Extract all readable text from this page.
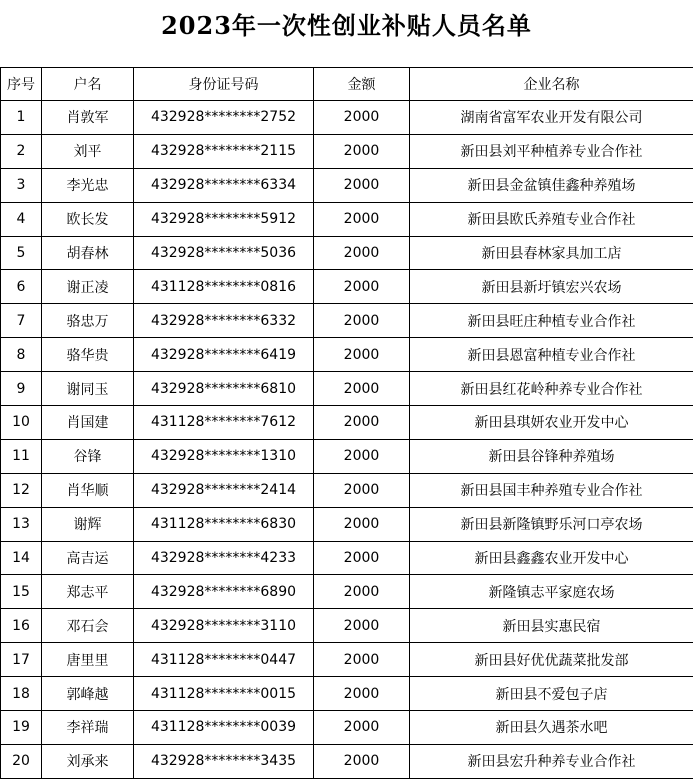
2023年一次性创业补贴人员名单
序号	户名	身份证号码	金额	企业名称
1	肖敦军	432928********2752	2000	湖南省富军农业开发有限公司
2	刘平	432928********2115	2000	新田县刘平种植养专业合作社
3	李光忠	432928********6334	2000	新田县金盆镇佳鑫种养殖场
4	欧长发	432928********5912	2000	新田县欧氏养殖专业合作社
5	胡春林	432928********5036	2000	新田县春林家具加工店
6	谢正凌	431128********0816	2000	新田县新圩镇宏兴农场
7	骆忠万	432928********6332	2000	新田县旺庄种植专业合作社
8	骆华贵	432928********6419	2000	新田县恩富种植专业合作社
9	谢同玉	432928********6810	2000	新田县红花岭种养专业合作社
10	肖国建	431128********7612	2000	新田县琪妍农业开发中心
11	谷锋	432928********1310	2000	新田县谷锋种养殖场
12	肖华顺	432928********2414	2000	新田县国丰种养殖专业合作社
13	谢辉	431128********6830	2000	新田县新隆镇野乐河口亭农场
14	高吉运	432928********4233	2000	新田县鑫鑫农业开发中心
15	郑志平	432928********6890	2000	新隆镇志平家庭农场
16	邓石会	432928********3110	2000	新田县实惠民宿
17	唐里里	431128********0447	2000	新田县好优优蔬菜批发部
18	郭峰越	431128********0015	2000	新田县不爱包子店
19	李祥瑞	431128********0039	2000	新田县久遇茶水吧
20	刘承来	432928********3435	2000	新田县宏升种养专业合作社
